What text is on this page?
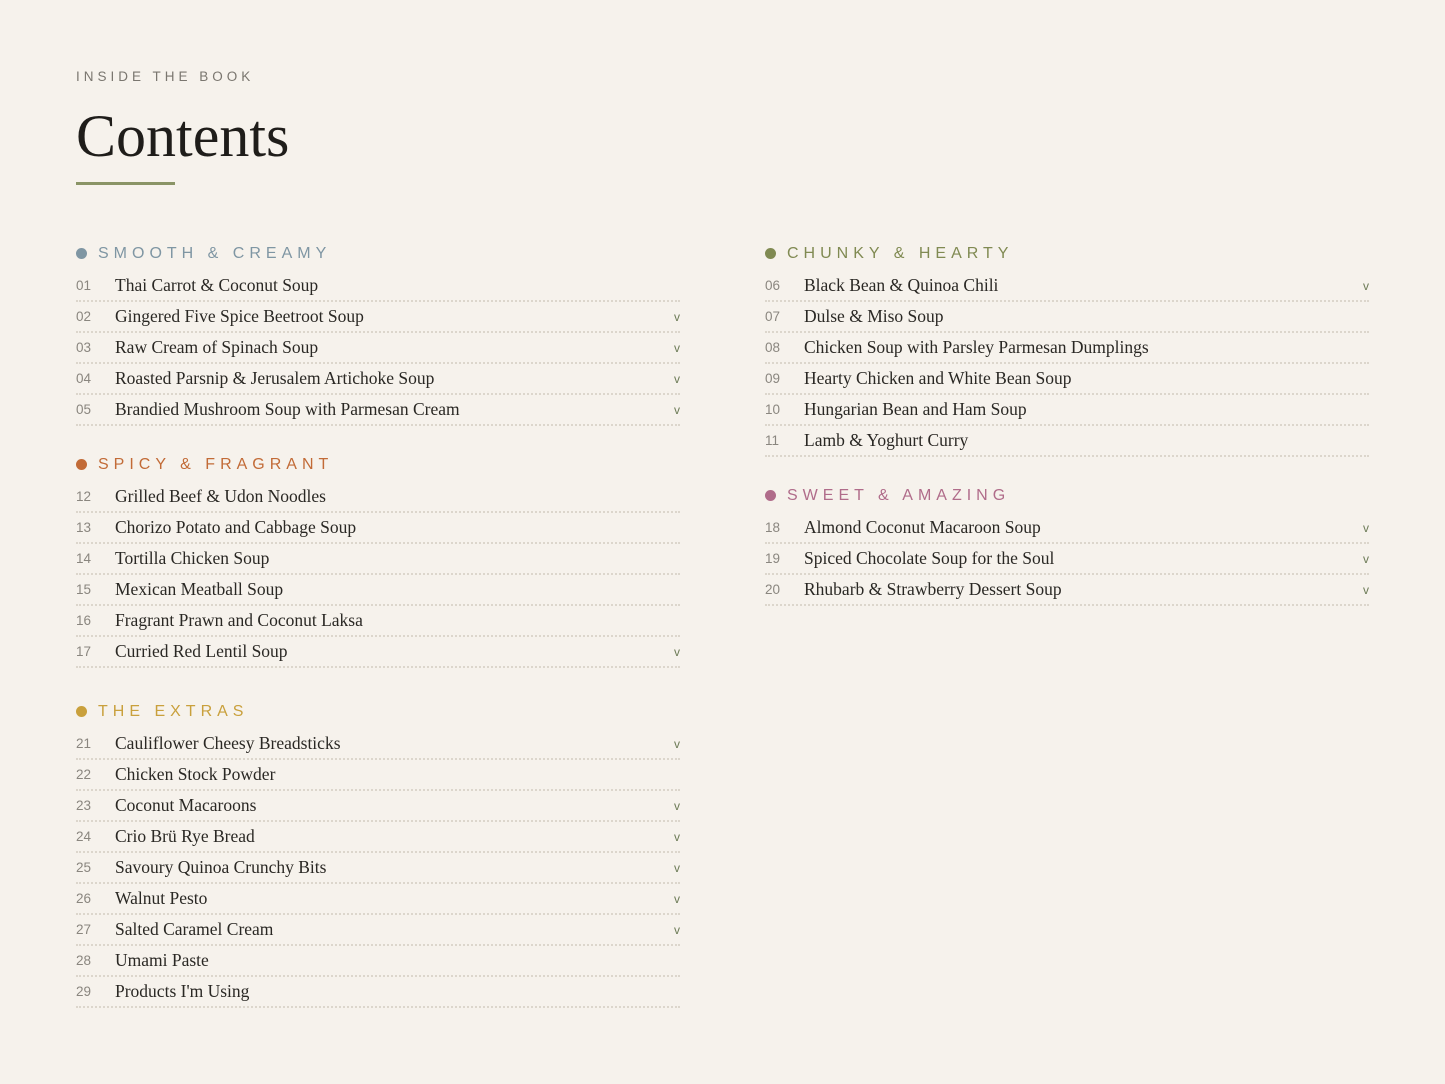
INSIDE THE BOOK
Contents
SMOOTH & CREAMY
01	Thai Carrot & Coconut Soup
02	Gingered Five Spice Beetroot Soup	v
03	Raw Cream of Spinach Soup	v
04	Roasted Parsnip & Jerusalem Artichoke Soup	v
05	Brandied Mushroom Soup with Parmesan Cream	v
SPICY & FRAGRANT
12	Grilled Beef & Udon Noodles
13	Chorizo Potato and Cabbage Soup
14	Tortilla Chicken Soup
15	Mexican Meatball Soup
16	Fragrant Prawn and Coconut Laksa
17	Curried Red Lentil Soup	v
THE EXTRAS
21	Cauliflower Cheesy Breadsticks	v
22	Chicken Stock Powder
23	Coconut Macaroons	v
24	Crio Brü Rye Bread	v
25	Savoury Quinoa Crunchy Bits	v
26	Walnut Pesto	v
27	Salted Caramel Cream	v
28	Umami Paste
29	Products I'm Using
CHUNKY & HEARTY
06	Black Bean & Quinoa Chili	v
07	Dulse & Miso Soup
08	Chicken Soup with Parsley Parmesan Dumplings
09	Hearty Chicken and White Bean Soup
10	Hungarian Bean and Ham Soup
11	Lamb & Yoghurt Curry
SWEET & AMAZING
18	Almond Coconut Macaroon Soup	v
19	Spiced Chocolate Soup for the Soul	v
20	Rhubarb & Strawberry Dessert Soup	v
